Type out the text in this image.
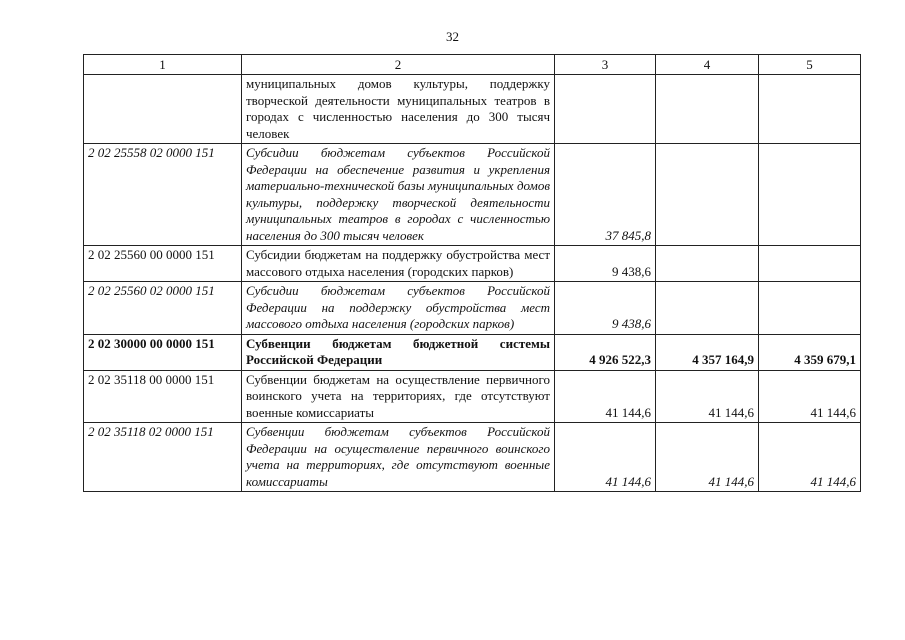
32
1	2	3	4	5
	муниципальных домов культуры, поддержку творческой деятельности муниципальных театров в городах с численностью населения до 300 тысяч человек			
2 02 25558 02 0000 151	Субсидии бюджетам субъектов Российской Федерации на обеспечение развития и укрепления материально-технической базы муниципальных домов культуры, поддержку творческой деятельности муниципальных театров в городах с численностью населения до 300 тысяч человек	37 845,8		
2 02 25560 00 0000 151	Субсидии бюджетам на поддержку обустройства мест массового отдыха населения (городских парков)	9 438,6		
2 02 25560 02 0000 151	Субсидии бюджетам субъектов Российской Федерации на поддержку обустройства мест массового отдыха населения (городских парков)	9 438,6		
2 02 30000 00 0000 151	Субвенции бюджетам бюджетной системы Российской Федерации	4 926 522,3	4 357 164,9	4 359 679,1
2 02 35118 00 0000 151	Субвенции бюджетам на осуществление первичного воинского учета на территориях, где отсутствуют военные комиссариаты	41 144,6	41 144,6	41 144,6
2 02 35118 02 0000 151	Субвенции бюджетам субъектов Российской Федерации на осуществление первичного воинского учета на территориях, где отсутствуют военные комиссариаты	41 144,6	41 144,6	41 144,6
